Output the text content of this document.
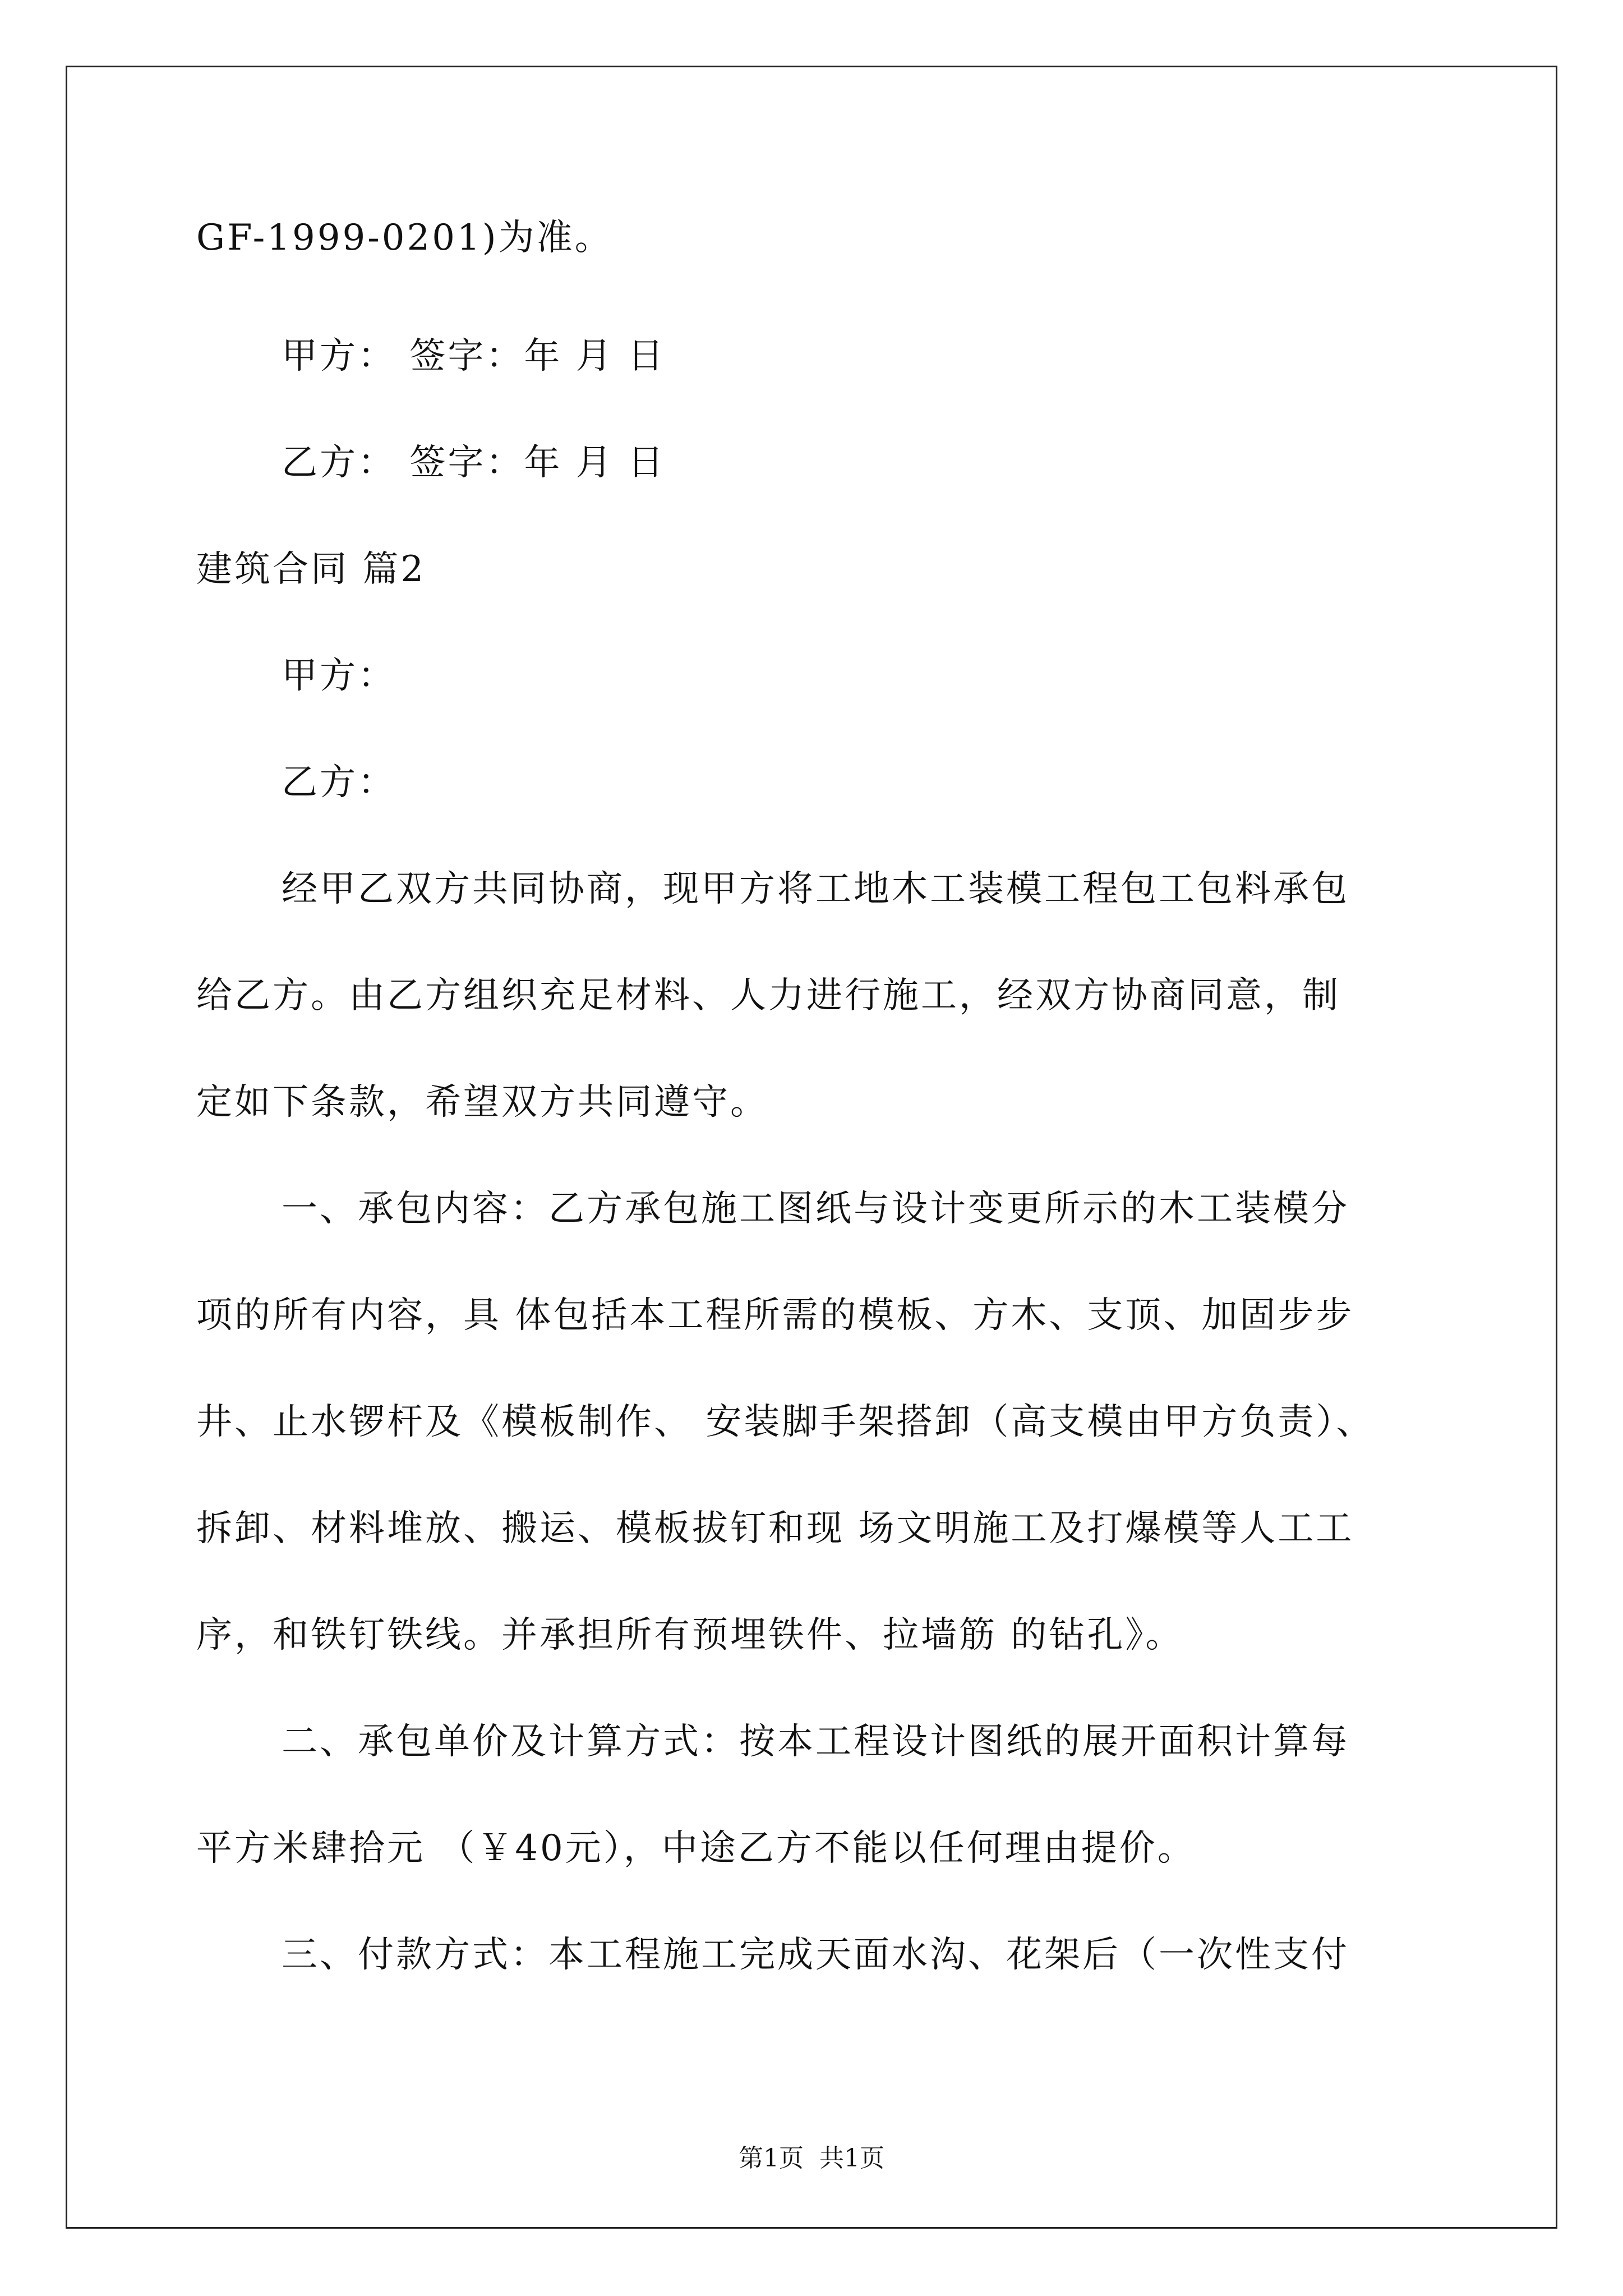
GF-1999-0201)为准。
甲方： 签字：年 月 日
乙方： 签字：年 月 日
建筑合同 篇2
甲方：
乙方：
经甲乙双方共同协商，现甲方将工地木工装模工程包工包料承包
给乙方。由乙方组织充足材料、人力进行施工，经双方协商同意，制
定如下条款，希望双方共同遵守。
一、承包内容：乙方承包施工图纸与设计变更所示的木工装模分
项的所有内容，具 体包括本工程所需的模板、方木、支顶、加固步步
井、止水锣杆及《模板制作、 安装脚手架搭卸（高支模由甲方负责）、
拆卸、材料堆放、搬运、模板拔钉和现 场文明施工及打爆模等人工工
序，和铁钉铁线。并承担所有预埋铁件、拉墙筋 的钻孔》。
二、承包单价及计算方式：按本工程设计图纸的展开面积计算每
平方米肆拾元 （￥40元），中途乙方不能以任何理由提价。
三、付款方式：本工程施工完成天面水沟、花架后（一次性支付
第1页  共1页
